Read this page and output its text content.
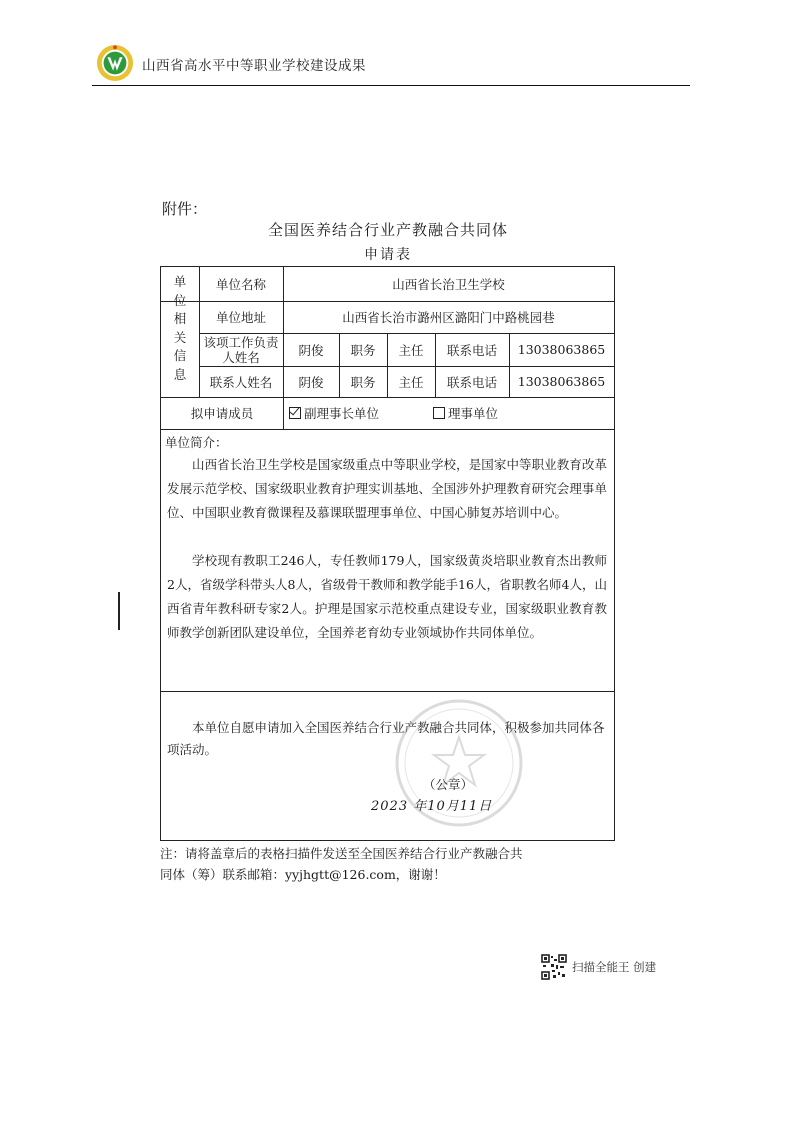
山西省高水平中等职业学校建设成果
附件：
全国医养结合行业产教融合共同体
申请表
单
位
相
关
信
息
单位名称	山西省长治卫生学校
单位地址	山西省长治市潞州区潞阳门中路桃园巷
该项工作负责人姓名	阴俊	职务	主任	联系电话	13038063865
联系人姓名	阴俊	职务	主任	联系电话	13038063865
拟申请成员	副理事长单位	理事单位
单位简介：
山西省长治卫生学校是国家级重点中等职业学校，是国家中等职业教育改革发展示范学校、国家级职业教育护理实训基地、全国涉外护理教育研究会理事单位、中国职业教育微课程及慕课联盟理事单位、中国心肺复苏培训中心。
学校现有教职工246人，专任教师179人，国家级黄炎培职业教育杰出教师2人，省级学科带头人8人，省级骨干教师和教学能手16人，省职教名师4人，山西省青年教科研专家2人。护理是国家示范校重点建设专业，国家级职业教育教师教学创新团队建设单位，全国养老育幼专业领域协作共同体单位。
本单位自愿申请加入全国医养结合行业产教融合共同体，积极参加共同体各项活动。
（公章）
2023 年10月11日
注：请将盖章后的表格扫描件发送至全国医养结合行业产教融合共
同体（筹）联系邮箱：yyjhgtt@126.com，谢谢！
扫描全能王 创建
